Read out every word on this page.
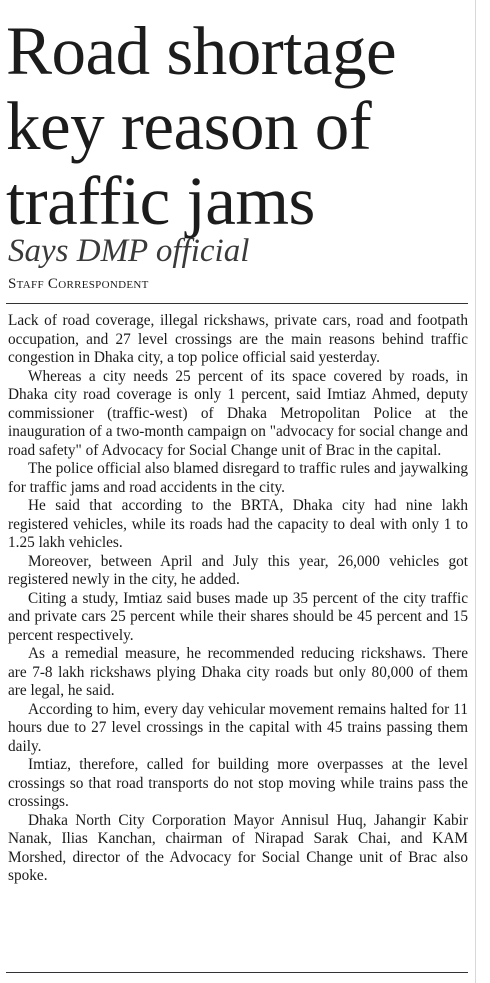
Road shortage key reason of traffic jams
Says DMP official
Staff Correspondent

Lack of road coverage, illegal rickshaws, private cars, road and footpath occupation, and 27 level crossings are the main reasons behind traffic congestion in Dhaka city, a top police official said yesterday.

Whereas a city needs 25 percent of its space covered by roads, in Dhaka city road coverage is only 1 percent, said Imtiaz Ahmed, deputy commissioner (traffic-west) of Dhaka Metropolitan Police at the inauguration of a two-month campaign on "advocacy for social change and road safety" of Advocacy for Social Change unit of Brac in the capital.

The police official also blamed disregard to traffic rules and jaywalking for traffic jams and road accidents in the city.

He said that according to the BRTA, Dhaka city had nine lakh registered vehicles, while its roads had the capacity to deal with only 1 to 1.25 lakh vehicles.

Moreover, between April and July this year, 26,000 vehicles got registered newly in the city, he added.

Citing a study, Imtiaz said buses made up 35 percent of the city traffic and private cars 25 percent while their shares should be 45 percent and 15 percent respectively.

As a remedial measure, he recommended reducing rickshaws. There are 7-8 lakh rickshaws plying Dhaka city roads but only 80,000 of them are legal, he said.

According to him, every day vehicular movement remains halted for 11 hours due to 27 level crossings in the capital with 45 trains passing them daily.

Imtiaz, therefore, called for building more overpasses at the level crossings so that road transports do not stop moving while trains pass the crossings.

Dhaka North City Corporation Mayor Annisul Huq, Jahangir Kabir Nanak, Ilias Kanchan, chairman of Nirapad Sarak Chai, and KAM Morshed, director of the Advocacy for Social Change unit of Brac also spoke.
